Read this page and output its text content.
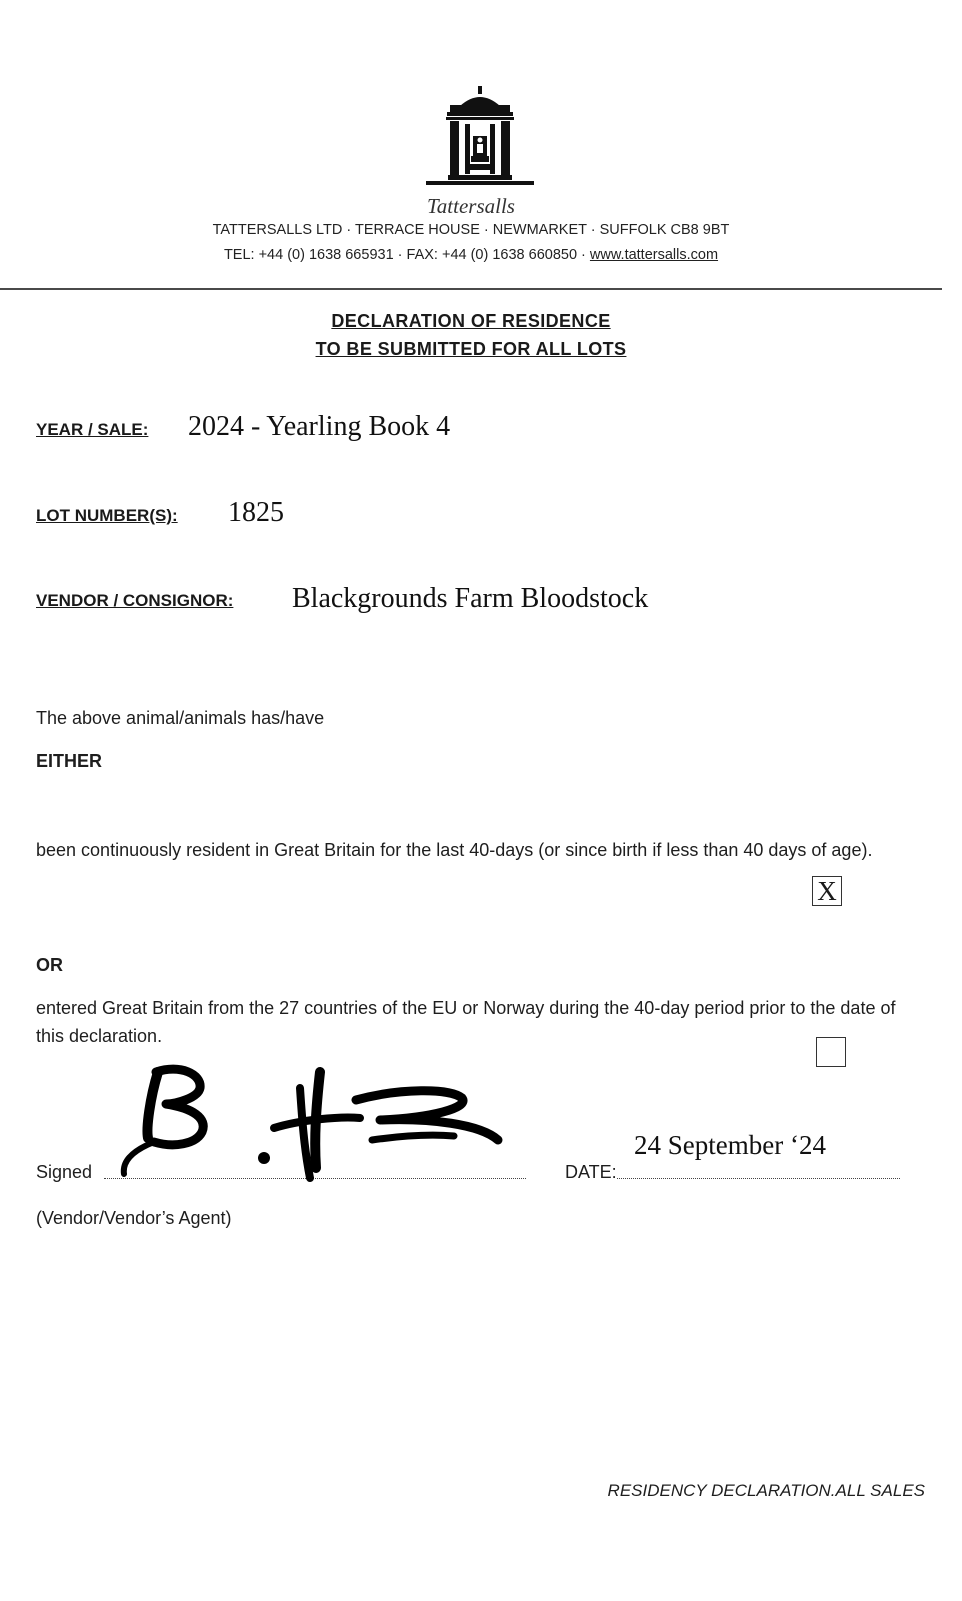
Tattersalls
TATTERSALLS LTD · TERRACE HOUSE · NEWMARKET · SUFFOLK CB8 9BT
TEL: +44 (0) 1638 665931 · FAX: +44 (0) 1638 660850 · www.tattersalls.com
DECLARATION OF RESIDENCE
TO BE SUBMITTED FOR ALL LOTS
YEAR / SALE: 2024 - Yearling Book 4
LOT NUMBER(S): 1825
VENDOR / CONSIGNOR: Blackgrounds Farm Bloodstock
The above animal/animals has/have
EITHER
been continuously resident in Great Britain for the last 40-days (or since birth if less than 40 days of age).
X
OR
entered Great Britain from the 27 countries of the EU or Norway during the 40-day period prior to the date of this declaration.
Signed	DATE:
24 September ‘24
(Vendor/Vendor’s Agent)
RESIDENCY DECLARATION.ALL SALES
